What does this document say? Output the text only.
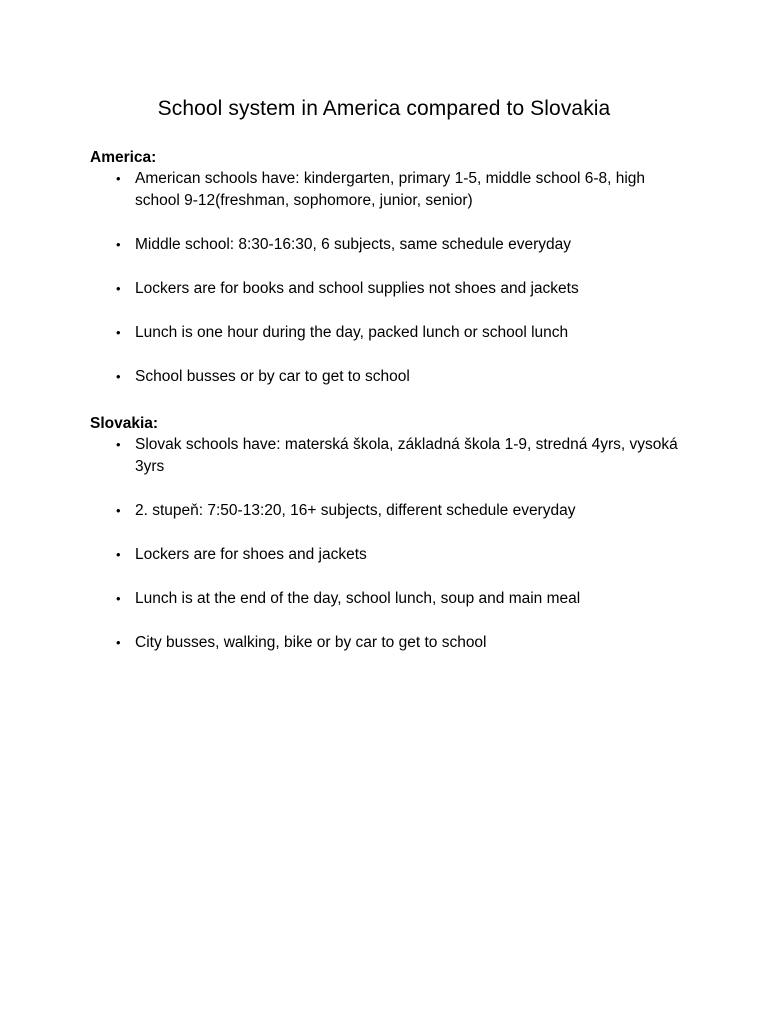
School system in America compared to Slovakia

America:

• American schools have: kindergarten, primary 1-5, middle school 6-8, high school 9-12(freshman, sophomore, junior, senior)
• Middle school: 8:30-16:30, 6 subjects, same schedule everyday
• Lockers are for books and school supplies not shoes and jackets
• Lunch is one hour during the day, packed lunch or school lunch
• School busses or by car to get to school

Slovakia:

• Slovak schools have: materská škola, základná škola 1-9, stredná 4yrs, vysoká 3yrs
• 2. stupeň: 7:50-13:20, 16+ subjects, different schedule everyday
• Lockers are for shoes and jackets
• Lunch is at the end of the day, school lunch, soup and main meal
• City busses, walking, bike or by car to get to school
